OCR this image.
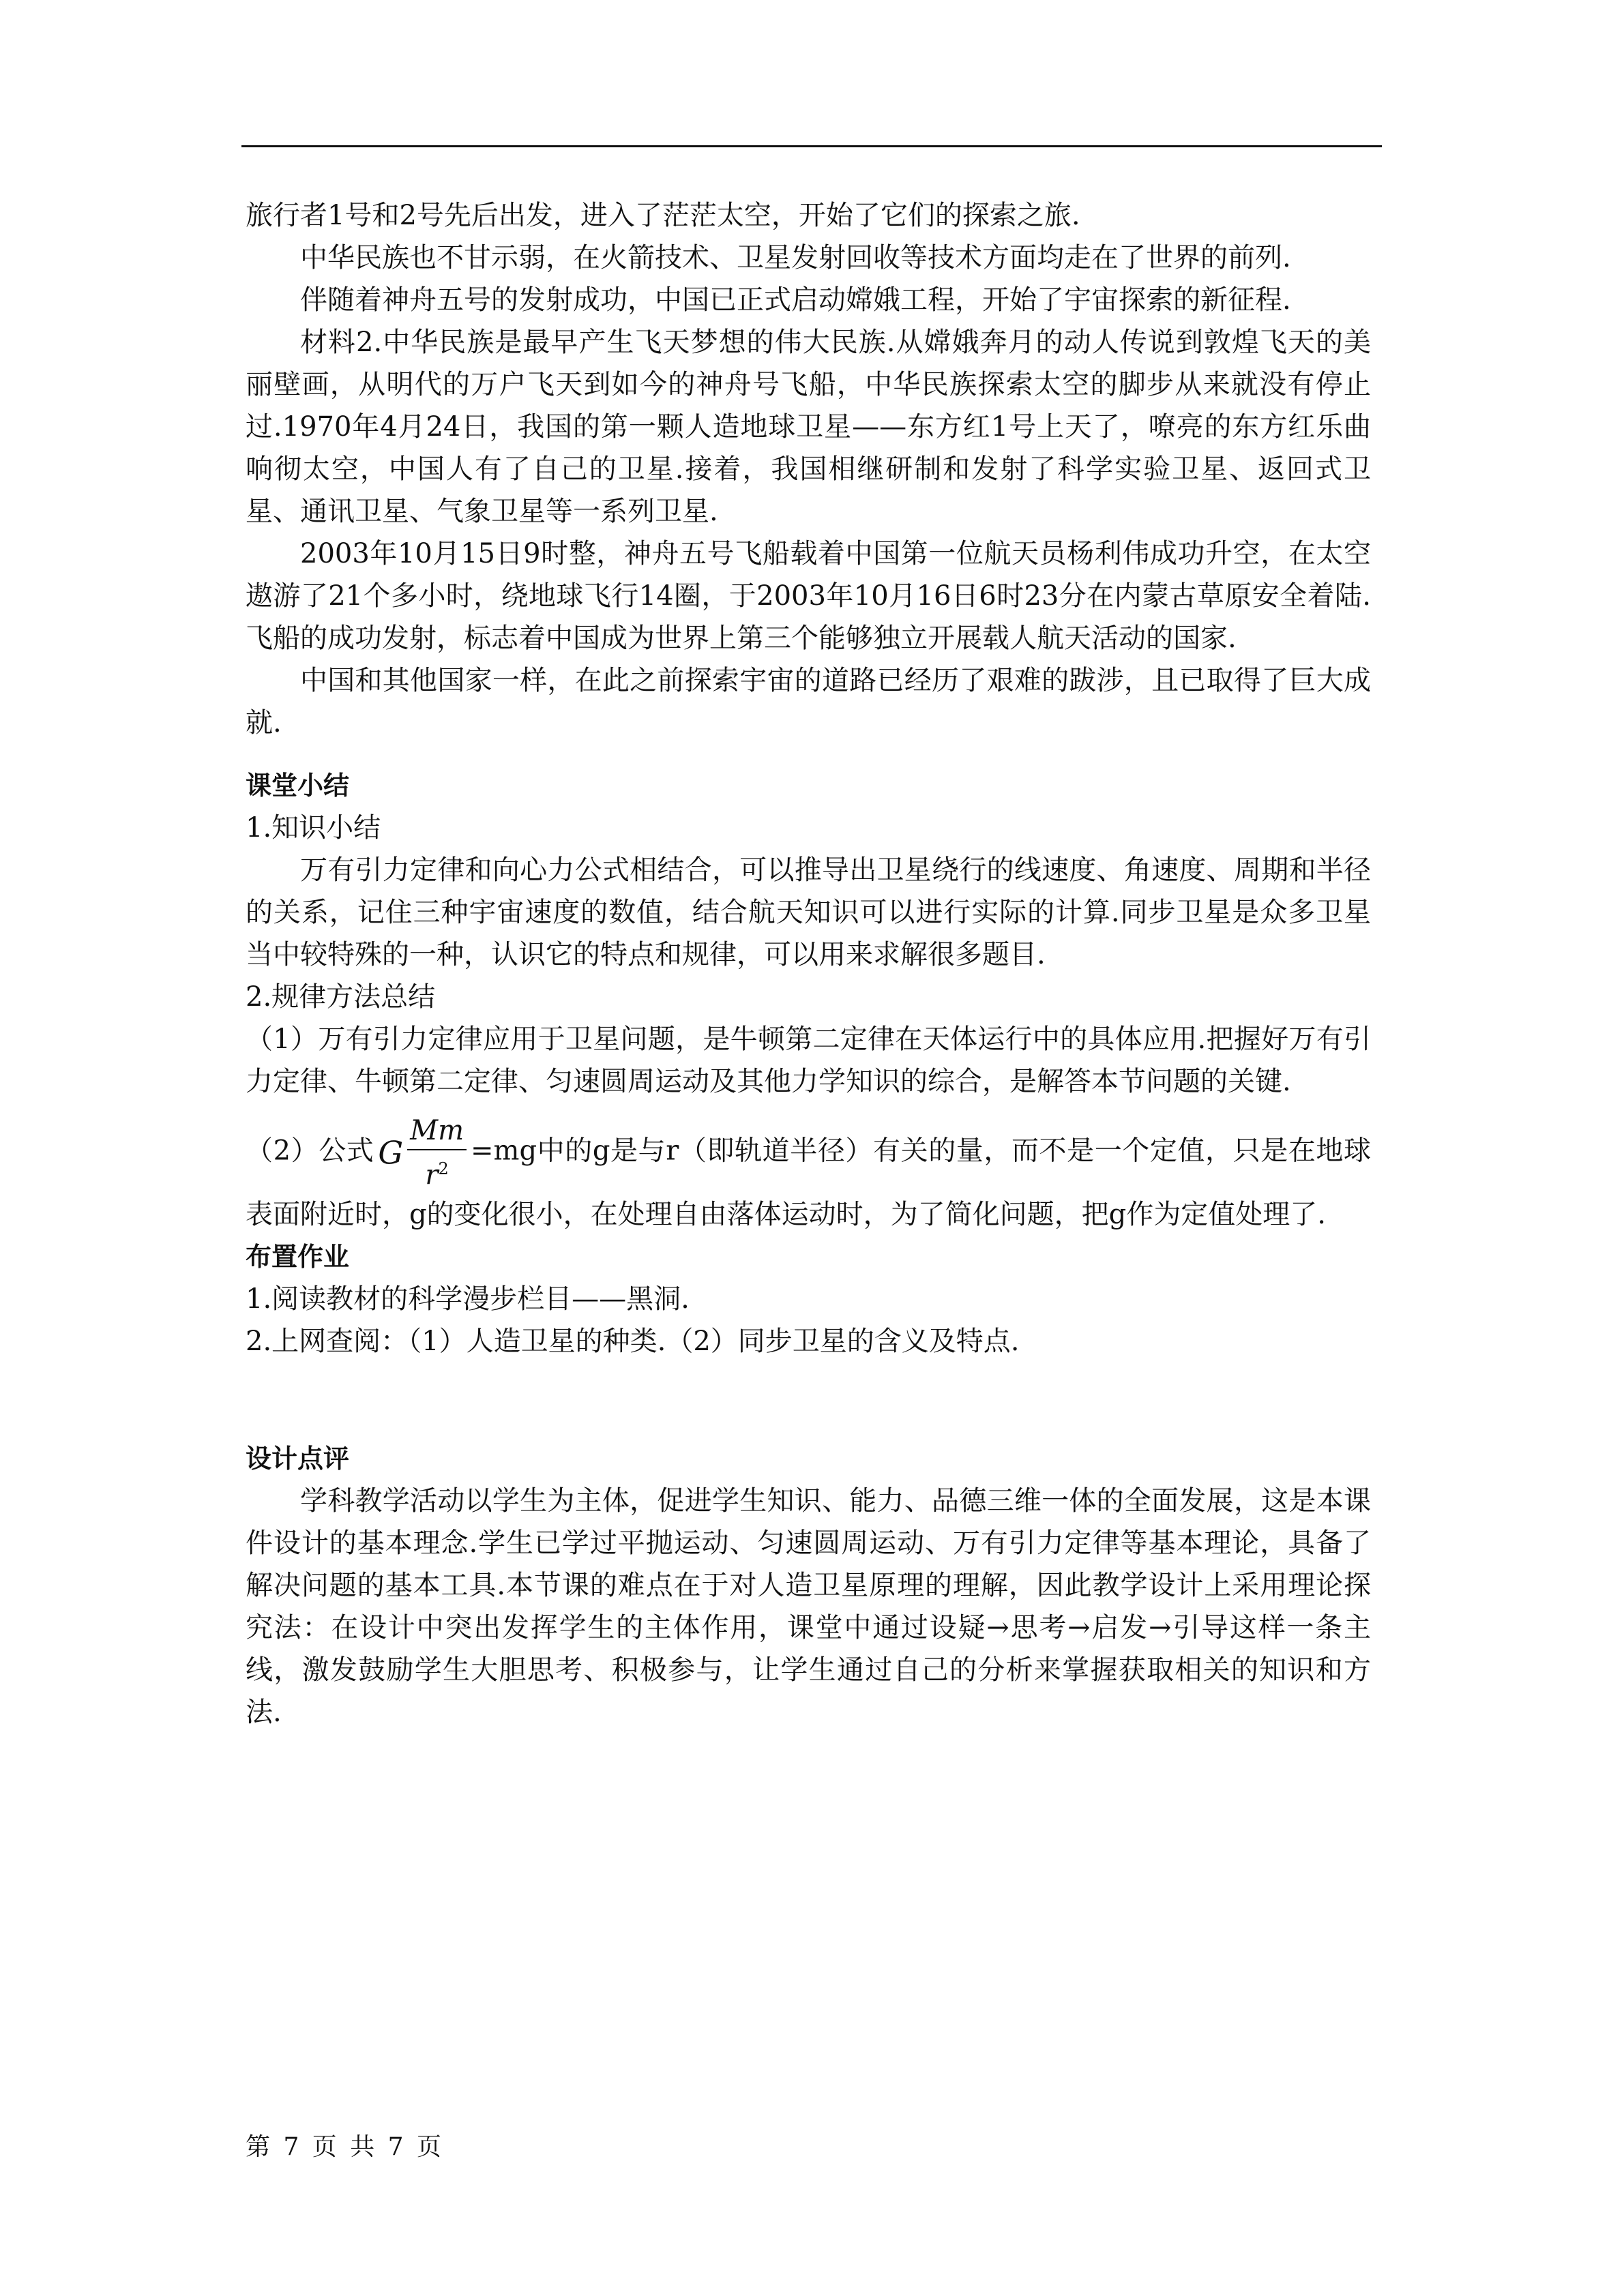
旅行者1号和2号先后出发，进入了茫茫太空，开始了它们的探索之旅.

中华民族也不甘示弱，在火箭技术、卫星发射回收等技术方面均走在了世界的前列.

伴随着神舟五号的发射成功，中国已正式启动嫦娥工程，开始了宇宙探索的新征程.

材料2.中华民族是最早产生飞天梦想的伟大民族.从嫦娥奔月的动人传说到敦煌飞天的美丽壁画，从明代的万户飞天到如今的神舟号飞船，中华民族探索太空的脚步从来就没有停止过.1970年4月24日，我国的第一颗人造地球卫星——东方红1号上天了，嘹亮的东方红乐曲响彻太空，中国人有了自己的卫星.接着，我国相继研制和发射了科学实验卫星、返回式卫星、通讯卫星、气象卫星等一系列卫星.

2003年10月15日9时整，神舟五号飞船载着中国第一位航天员杨利伟成功升空，在太空遨游了21个多小时，绕地球飞行14圈，于2003年10月16日6时23分在内蒙古草原安全着陆.飞船的成功发射，标志着中国成为世界上第三个能够独立开展载人航天活动的国家.

中国和其他国家一样，在此之前探索宇宙的道路已经历了艰难的跋涉，且已取得了巨大成就.

课堂小结

1.知识小结

万有引力定律和向心力公式相结合，可以推导出卫星绕行的线速度、角速度、周期和半径的关系，记住三种宇宙速度的数值，结合航天知识可以进行实际的计算.同步卫星是众多卫星当中较特殊的一种，认识它的特点和规律，可以用来求解很多题目.

2.规律方法总结

（1）万有引力定律应用于卫星问题，是牛顿第二定律在天体运行中的具体应用.把握好万有引力定律、牛顿第二定律、匀速圆周运动及其他力学知识的综合，是解答本节问题的关键.

（2）公式 G $\frac{Mm}{r^2} =mg$中的g是与r（即轨道半径）有关的量，而不是一个定值，只是在地球表面附近时，g的变化很小，在处理自由落体运动时，为了简化问题，把g作为定值处理了.

布置作业

1.阅读教材的科学漫步栏目——黑洞.

2.上网查阅：（1）人造卫星的种类.（2）同步卫星的含义及特点.

设计点评

学科教学活动以学生为主体，促进学生知识、能力、品德三维一体的全面发展，这是本课件设计的基本理念.学生已学过平抛运动、匀速圆周运动、万有引力定律等基本理论，具备了解决问题的基本工具.本节课的难点在于对人造卫星原理的理解，因此教学设计上采用理论探究法：在设计中突出发挥学生的主体作用，课堂中通过设疑→思考→启发→引导这样一条主线，激发鼓励学生大胆思考、积极参与，让学生通过自己的分析来掌握获取相关的知识和方法.

第 7 页 共 7 页
